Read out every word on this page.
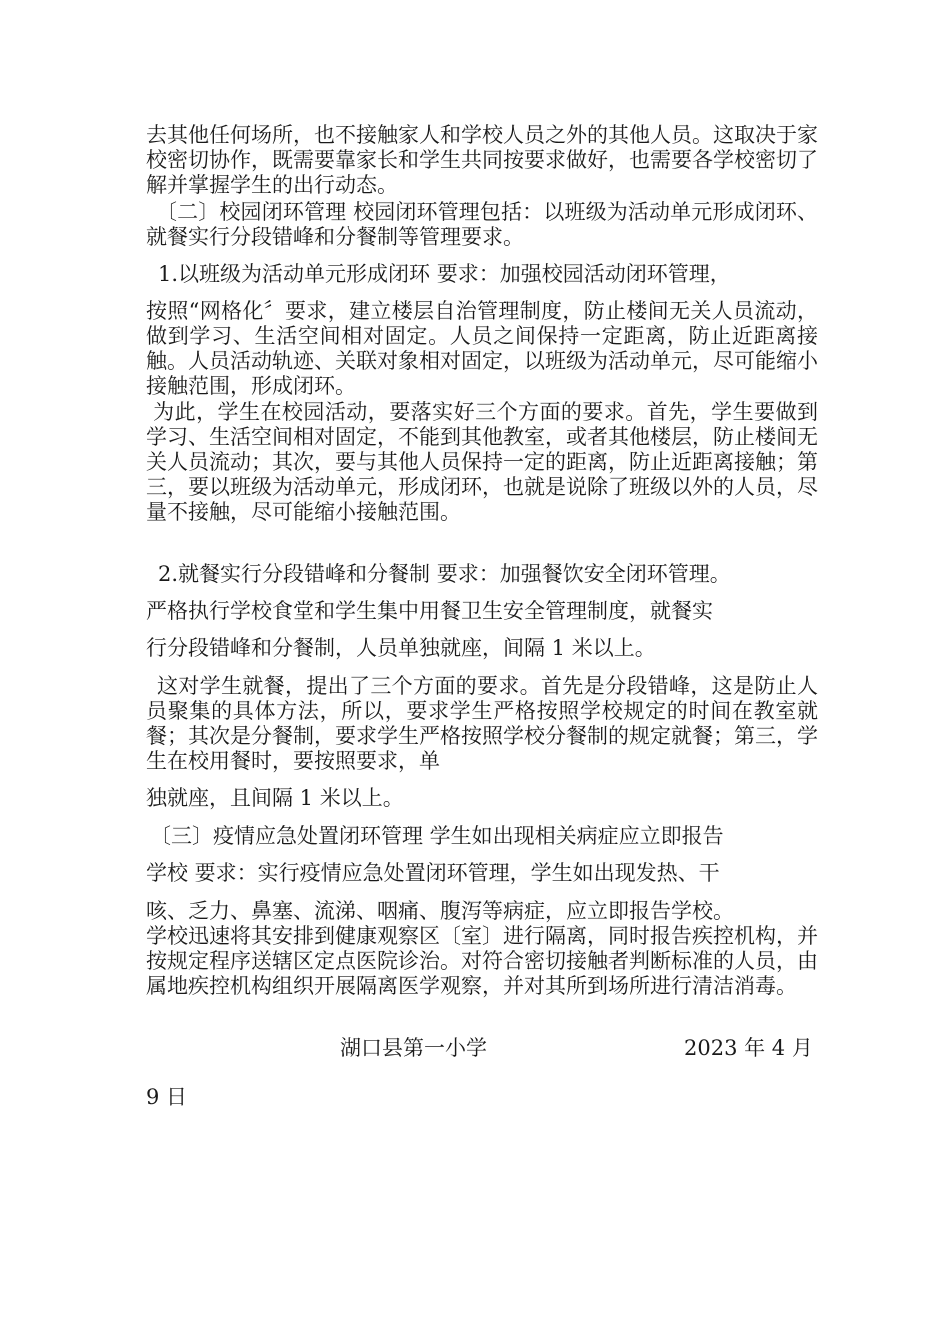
去其他任何场所，也不接触家人和学校人员之外的其他人员。这取决于家校密切协作，既需要靠家长和学生共同按要求做好，也需要各学校密切了解并掌握学生的出行动态。
〔二〕校园闭环管理 校园闭环管理包括：以班级为活动单元形成闭环、就餐实行分段错峰和分餐制等管理要求。
1.以班级为活动单元形成闭环 要求：加强校园活动闭环管理，
按照“网格化〞要求，建立楼层自治管理制度，防止楼间无关人员流动，做到学习、生活空间相对固定。人员之间保持一定距离，防止近距离接触。人员活动轨迹、关联对象相对固定，以班级为活动单元，尽可能缩小接触范围，形成闭环。
为此，学生在校园活动，要落实好三个方面的要求。首先，学生要做到学习、生活空间相对固定，不能到其他教室，或者其他楼层，防止楼间无关人员流动；其次，要与其他人员保持一定的距离，防止近距离接触；第三，要以班级为活动单元，形成闭环，也就是说除了班级以外的人员，尽量不接触，尽可能缩小接触范围。
2.就餐实行分段错峰和分餐制 要求：加强餐饮安全闭环管理。
严格执行学校食堂和学生集中用餐卫生安全管理制度，就餐实
行分段错峰和分餐制，人员单独就座，间隔 1 米以上。
这对学生就餐，提出了三个方面的要求。首先是分段错峰，这是防止人员聚集的具体方法，所以，要求学生严格按照学校规定的时间在教室就餐；其次是分餐制，要求学生严格按照学校分餐制的规定就餐；第三，学生在校用餐时，要按照要求，单
独就座，且间隔 1 米以上。
〔三〕疫情应急处置闭环管理 学生如出现相关病症应立即报告
学校 要求：实行疫情应急处置闭环管理，学生如出现发热、干
咳、乏力、鼻塞、流涕、咽痛、腹泻等病症，应立即报告学校。
学校迅速将其安排到健康观察区〔室〕进行隔离，同时报告疾控机构，并按规定程序送辖区定点医院诊治。对符合密切接触者判断标准的人员，由属地疾控机构组织开展隔离医学观察，并对其所到场所进行清洁消毒。
湖口县第一小学	2023 年 4 月
9 日
